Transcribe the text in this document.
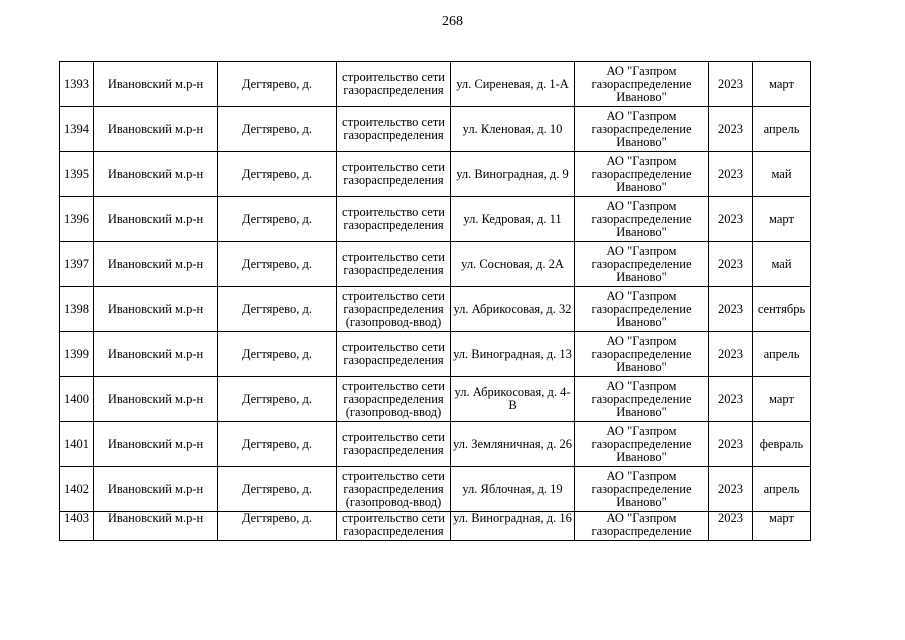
268
1393	Ивановский м.р-н	Дегтярево, д.	строительство сети газораспределения	ул. Сиреневая, д. 1-А	АО "Газпром газораспределение Иваново"	2023	март

1394	Ивановский м.р-н	Дегтярево, д.	строительство сети газораспределения	ул. Кленовая, д. 10	АО "Газпром газораспределение Иваново"	2023	апрель

1395	Ивановский м.р-н	Дегтярево, д.	строительство сети газораспределения	ул. Виноградная, д. 9	АО "Газпром газораспределение Иваново"	2023	май

1396	Ивановский м.р-н	Дегтярево, д.	строительство сети газораспределения	ул. Кедровая, д. 11	АО "Газпром газораспределение Иваново"	2023	март

1397	Ивановский м.р-н	Дегтярево, д.	строительство сети газораспределения	ул. Сосновая, д. 2А	АО "Газпром газораспределение Иваново"	2023	май

1398	Ивановский м.р-н	Дегтярево, д.	строительство сети газораспределения (газопровод-ввод)	ул. Абрикосовая, д. 32	АО "Газпром газораспределение Иваново"	2023	сентябрь

1399	Ивановский м.р-н	Дегтярево, д.	строительство сети газораспределения	ул. Виноградная, д. 13	АО "Газпром газораспределение Иваново"	2023	апрель

1400	Ивановский м.р-н	Дегтярево, д.	строительство сети газораспределения (газопровод-ввод)	ул. Абрикосовая, д. 4-В	АО "Газпром газораспределение Иваново"	2023	март

1401	Ивановский м.р-н	Дегтярево, д.	строительство сети газораспределения	ул. Земляничная, д. 26	АО "Газпром газораспределение Иваново"	2023	февраль

1402	Ивановский м.р-н	Дегтярево, д.	строительство сети газораспределения (газопровод-ввод)	ул. Яблочная, д. 19	АО "Газпром газораспределение Иваново"	2023	апрель

1403	Ивановский м.р-н	Дегтярево, д.	строительство сети газораспределения	ул. Виноградная, д. 16	АО "Газпром газораспределение	2023	март
